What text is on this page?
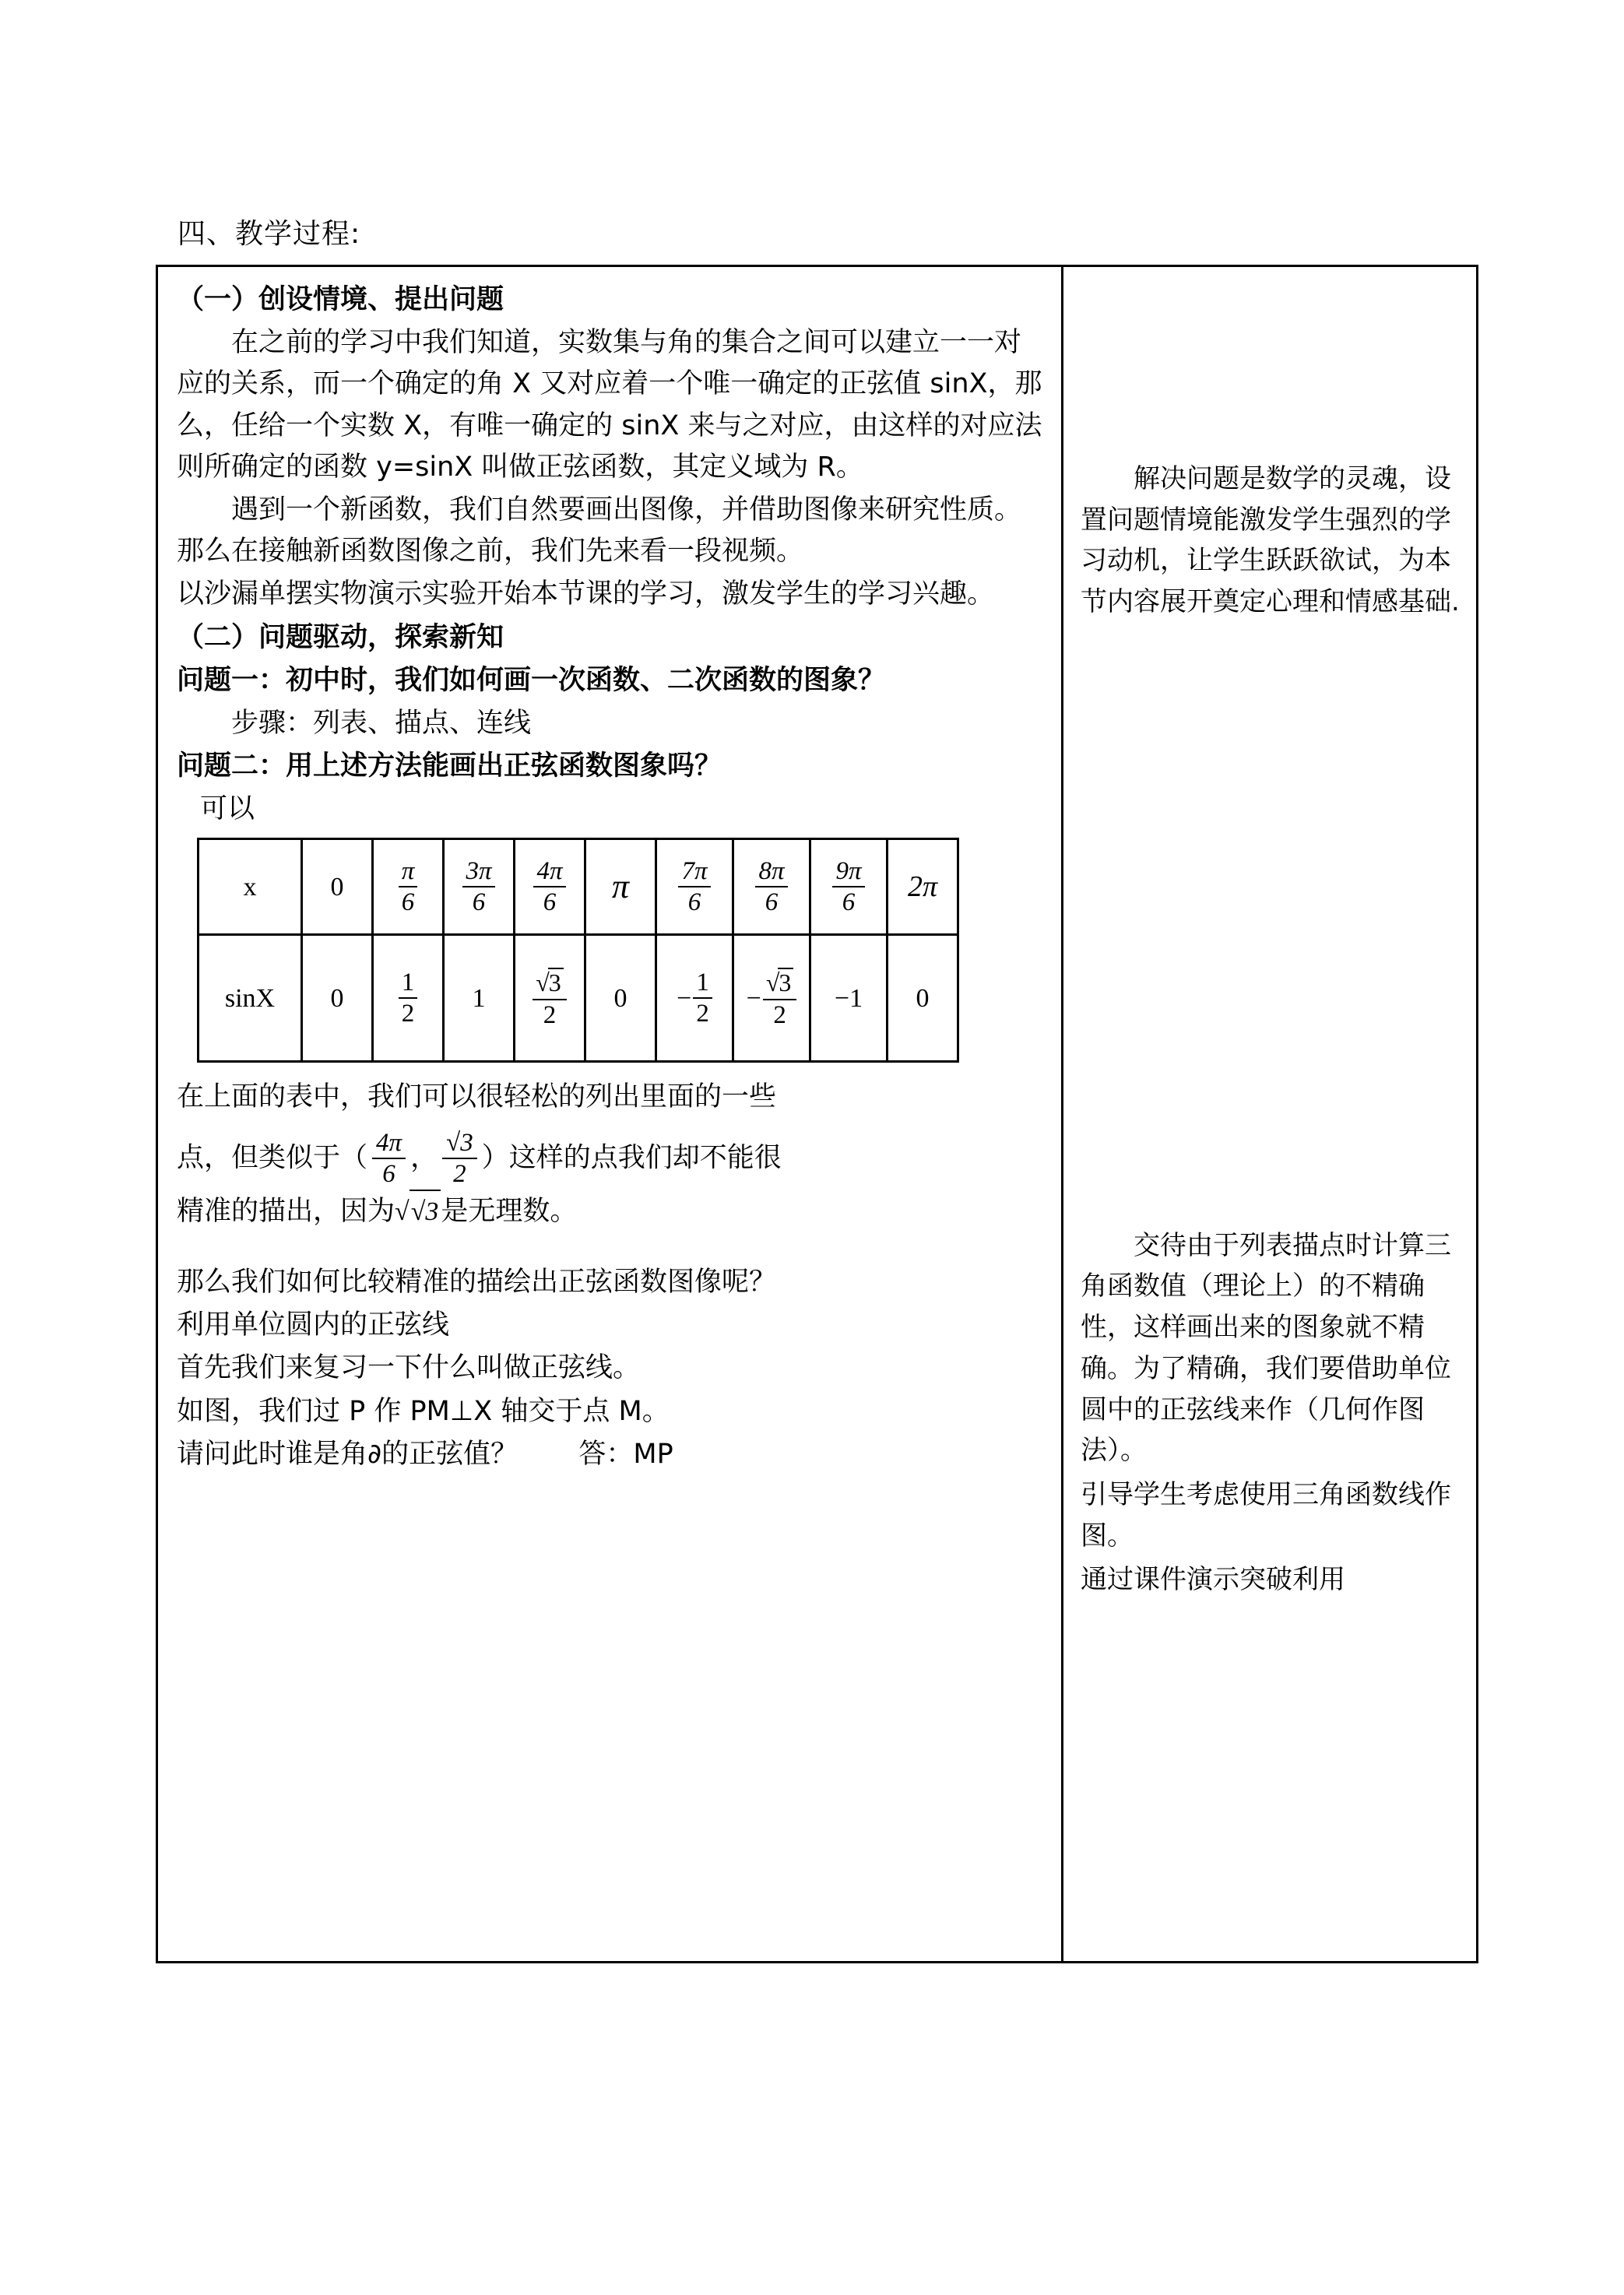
四、教学过程:
（一）创设情境、提出问题
在之前的学习中我们知道，实数集与角的集合之间可以建立一一对应的关系，而一个确定的角 X 又对应着一个唯一确定的正弦值 sinX，那么，任给一个实数 X，有唯一确定的 sinX 来与之对应，由这样的对应法则所确定的函数 y=sinX 叫做正弦函数，其定义域为 R。
遇到一个新函数，我们自然要画出图像，并借助图像来研究性质。那么在接触新函数图像之前，我们先来看一段视频。
以沙漏单摆实物演示实验开始本节课的学习，激发学生的学习兴趣。
（二）问题驱动，探索新知
问题一：初中时，我们如何画一次函数、二次函数的图象？
步骤：列表、描点、连线
问题二：用上述方法能画出正弦函数图象吗？
可以
x	0	$\frac{\pi}{6}$	$\frac{3\pi}{6}$	$\frac{4\pi}{6}$	π	$\frac{7\pi}{6}$	$\frac{8\pi}{6}$	$\frac{9\pi}{6}$	2π
sinX	0	$\frac{1}{2}$	1	$\frac{√3}{2}$	0	− $\frac{1}{2}$	− $\frac{√3}{2}$	−1	0
在上面的表中，我们可以很轻松的列出里面的一些
点，但类似于（ $\frac{4\pi}{6}$ ， $\frac{√3}{2}$ ）这样的点我们却不能很
精准的描出，因为√√3是无理数。
那么我们如何比较精准的描绘出正弦函数图像呢？
利用单位圆内的正弦线
首先我们来复习一下什么叫做正弦线。
如图，我们过 P 作 PM⊥X 轴交于点 M。
请问此时谁是角∂的正弦值？ 答：MP

解决问题是数学的灵魂，设置问题情境能激发学生强烈的学习动机，让学生跃跃欲试，为本节内容展开奠定心理和情感基础.
交待由于列表描点时计算三角函数值（理论上）的不精确性，这样画出来的图象就不精确。为了精确，我们要借助单位圆中的正弦线来作（几何作图法）。
引导学生考虑使用三角函数线作图。
通过课件演示突破利用
